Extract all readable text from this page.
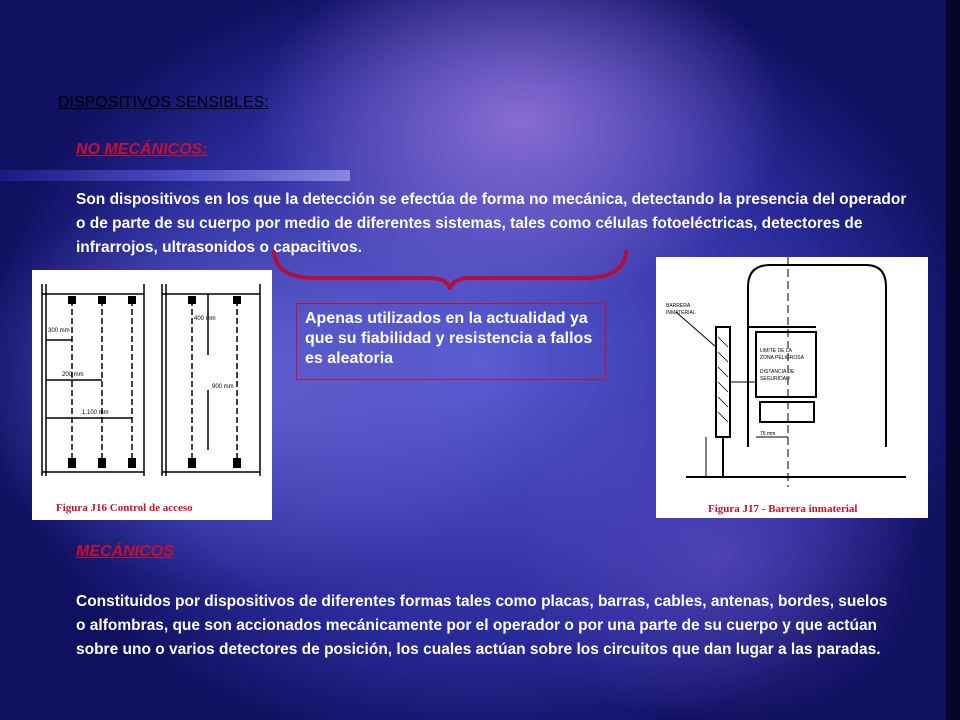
DISPOSITIVOS SENSIBLES:
NO MECÁNICOS:
Son dispositivos en los que la detección se efectúa de forma no mecánica, detectando la presencia del operador o de parte de su cuerpo por medio de diferentes sistemas, tales como células fotoeléctricas, detectores de infrarrojos, ultrasonidos o capacitivos.
Apenas utilizados en la actualidad ya que su fiabilidad y resistencia a fallos es aleatoria
300 mm
200 mm
1.100 mm
400 mm
900 mm
Figura J16 Control de acceso
BARRERA
INMATERIAL
LIMITE DE LA
ZONA PELIGROSA
DISTANCIA DE
SEGURIDAD
75 mm
Figura J17 - Barrera inmaterial
MECÁNICOS
Constituidos por dispositivos de diferentes formas tales como placas, barras, cables, antenas, bordes, suelos o alfombras, que son accionados mecánicamente por el operador o por una parte de su cuerpo y que actúan sobre uno o varios detectores de posición, los cuales actúan sobre los circuitos que dan lugar a las paradas.
